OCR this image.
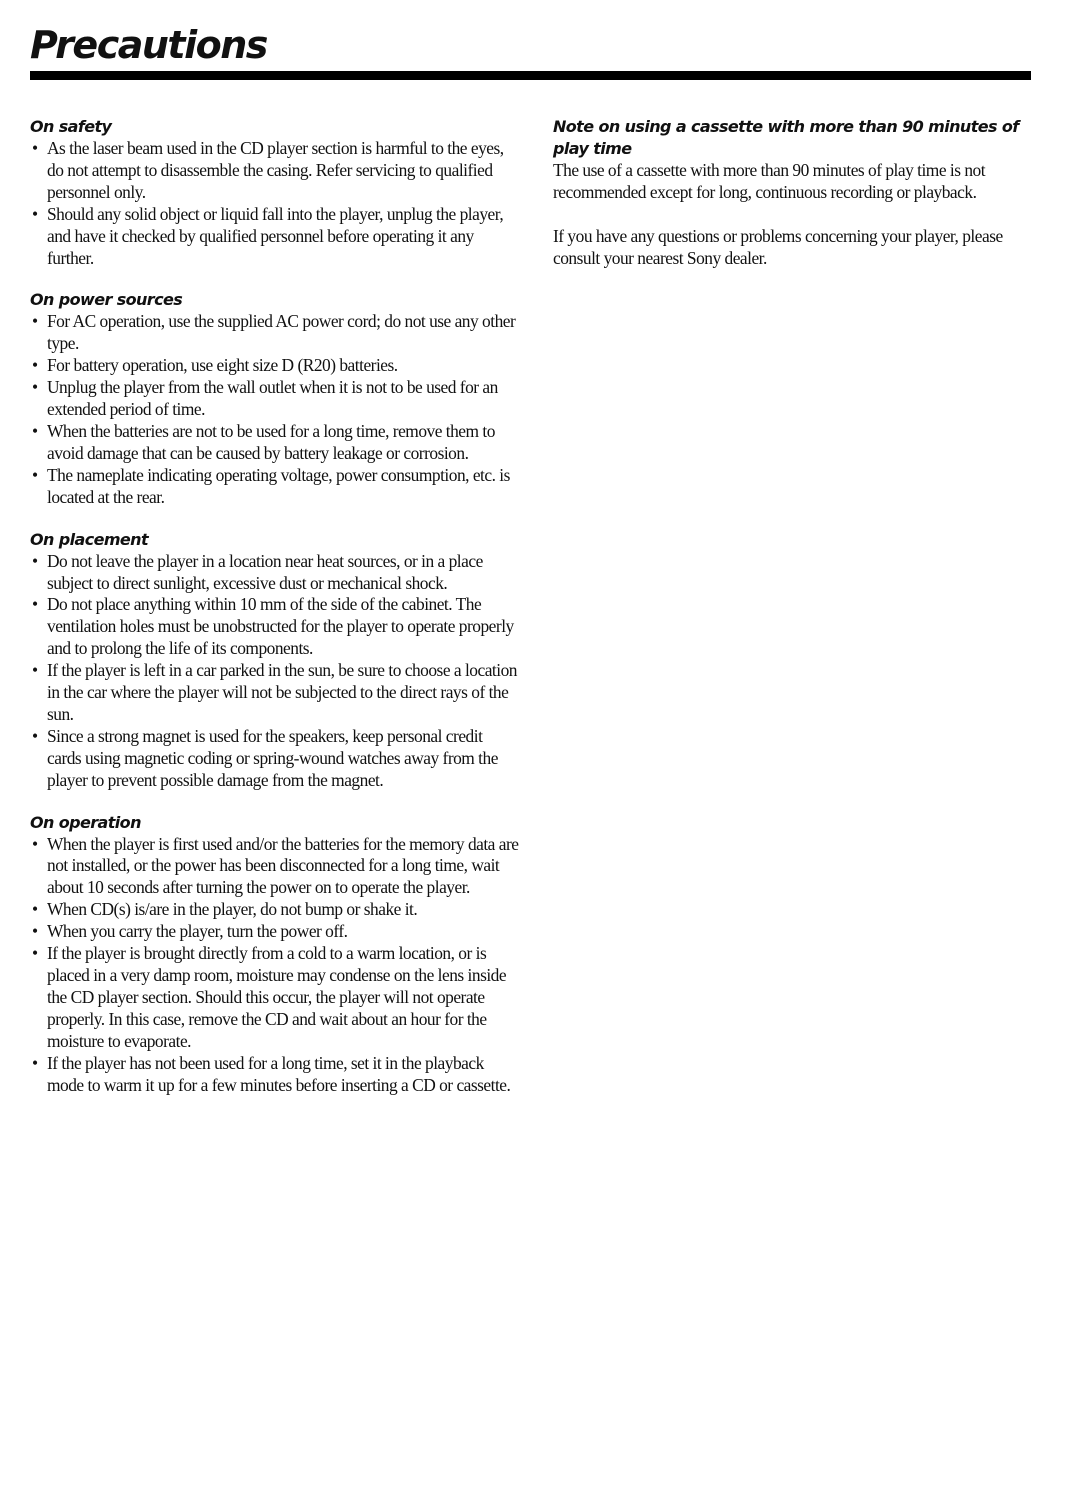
Precautions
On safety
• As the laser beam used in the CD player section is harmful to the eyes, do not attempt to disassemble the casing. Refer servicing to qualified personnel only.
• Should any solid object or liquid fall into the player, unplug the player, and have it checked by qualified personnel before operating it any further.
On power sources
• For AC operation, use the supplied AC power cord; do not use any other type.
• For battery operation, use eight size D (R20) batteries.
• Unplug the player from the wall outlet when it is not to be used for an extended period of time.
• When the batteries are not to be used for a long time, remove them to avoid damage that can be caused by battery leakage or corrosion.
• The nameplate indicating operating voltage, power consumption, etc. is located at the rear.
On placement
• Do not leave the player in a location near heat sources, or in a place subject to direct sunlight, excessive dust or mechanical shock.
• Do not place anything within 10 mm of the side of the cabinet. The ventilation holes must be unobstructed for the player to operate properly and to prolong the life of its components.
• If the player is left in a car parked in the sun, be sure to choose a location in the car where the player will not be subjected to the direct rays of the sun.
• Since a strong magnet is used for the speakers, keep personal credit cards using magnetic coding or spring-wound watches away from the player to prevent possible damage from the magnet.
On operation
• When the player is first used and/or the batteries for the memory data are not installed, or the power has been disconnected for a long time, wait about 10 seconds after turning the power on to operate the player.
• When CD(s) is/are in the player, do not bump or shake it.
• When you carry the player, turn the power off.
• If the player is brought directly from a cold to a warm location, or is placed in a very damp room, moisture may condense on the lens inside the CD player section. Should this occur, the player will not operate properly. In this case, remove the CD and wait about an hour for the moisture to evaporate.
• If the player has not been used for a long time, set it in the playback mode to warm it up for a few minutes before inserting a CD or cassette.
Note on using a cassette with more than 90 minutes of play time

The use of a cassette with more than 90 minutes of play time is not recommended except for long, continuous recording or playback.

If you have any questions or problems concerning your player, please consult your nearest Sony dealer.
